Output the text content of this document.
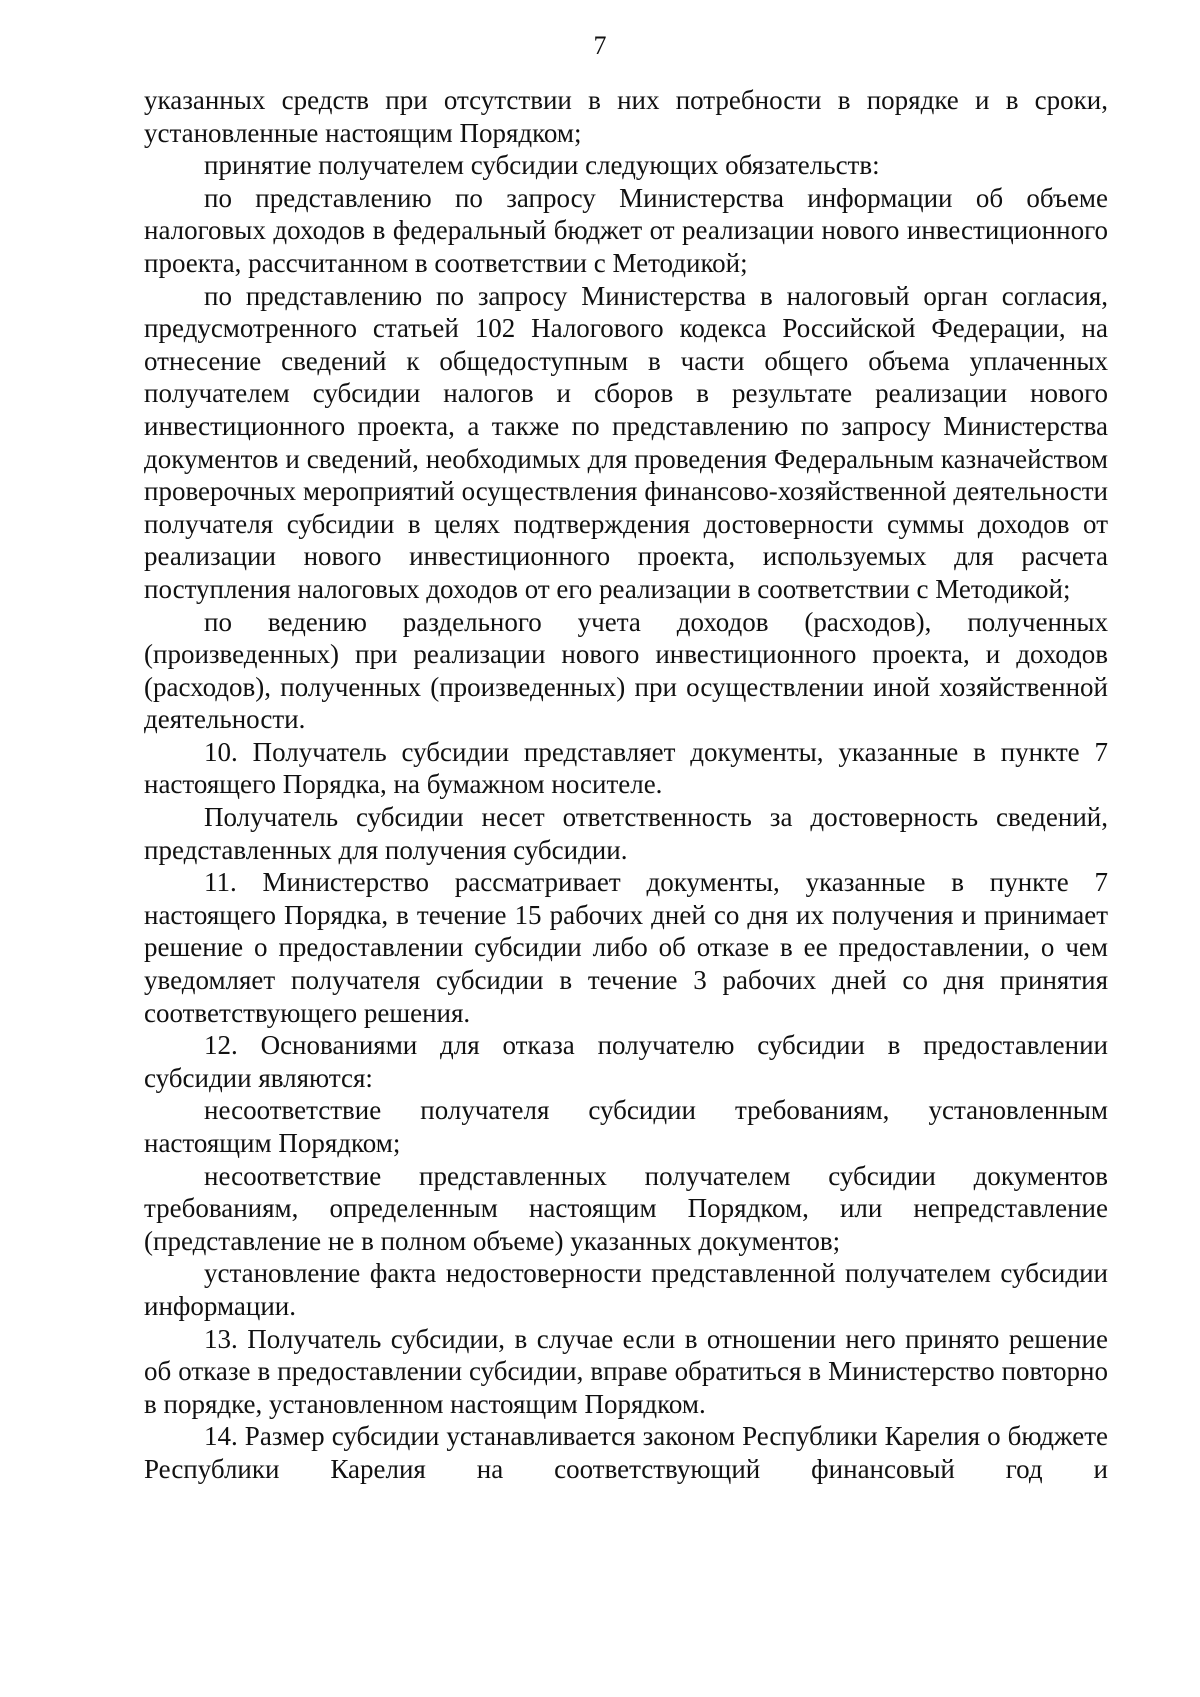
7

указанных средств при отсутствии в них потребности в порядке и в сроки, установленные настоящим Порядком;

принятие получателем субсидии следующих обязательств:

по представлению по запросу Министерства информации об объеме налоговых доходов в федеральный бюджет от реализации нового инвестиционного проекта, рассчитанном в соответствии с Методикой;

по представлению по запросу Министерства в налоговый орган согласия, предусмотренного статьей 102 Налогового кодекса Российской Федерации, на отнесение сведений к общедоступным в части общего объема уплаченных получателем субсидии налогов и сборов в результате реализации нового инвестиционного проекта, а также по представлению по запросу Министерства документов и сведений, необходимых для проведения Федеральным казначейством проверочных мероприятий осуществления финансово-хозяйственной деятельности получателя субсидии в целях подтверждения достоверности суммы доходов от реализации нового инвестиционного проекта, используемых для расчета поступления налоговых доходов от его реализации в соответствии с Методикой;

по ведению раздельного учета доходов (расходов), полученных (произведенных) при реализации нового инвестиционного проекта, и доходов (расходов), полученных (произведенных) при осуществлении иной хозяйственной деятельности.

10. Получатель субсидии представляет документы, указанные в пункте 7 настоящего Порядка, на бумажном носителе.

Получатель субсидии несет ответственность за достоверность сведений, представленных для получения субсидии.

11. Министерство рассматривает документы, указанные в пункте 7 настоящего Порядка, в течение 15 рабочих дней со дня их получения и принимает решение о предоставлении субсидии либо об отказе в ее предоставлении, о чем уведомляет получателя субсидии в течение 3 рабочих дней со дня принятия соответствующего решения.

12. Основаниями для отказа получателю субсидии в предоставлении субсидии являются:

несоответствие получателя субсидии требованиям, установленным настоящим Порядком;

несоответствие представленных получателем субсидии документов требованиям, определенным настоящим Порядком, или непредставление (представление не в полном объеме) указанных документов;

установление факта недостоверности представленной получателем субсидии информации.

13. Получатель субсидии, в случае если в отношении него принято решение об отказе в предоставлении субсидии, вправе обратиться в Министерство повторно в порядке, установленном настоящим Порядком.

14. Размер субсидии устанавливается законом Республики Карелия о бюджете Республики Карелия на соответствующий финансовый год и
